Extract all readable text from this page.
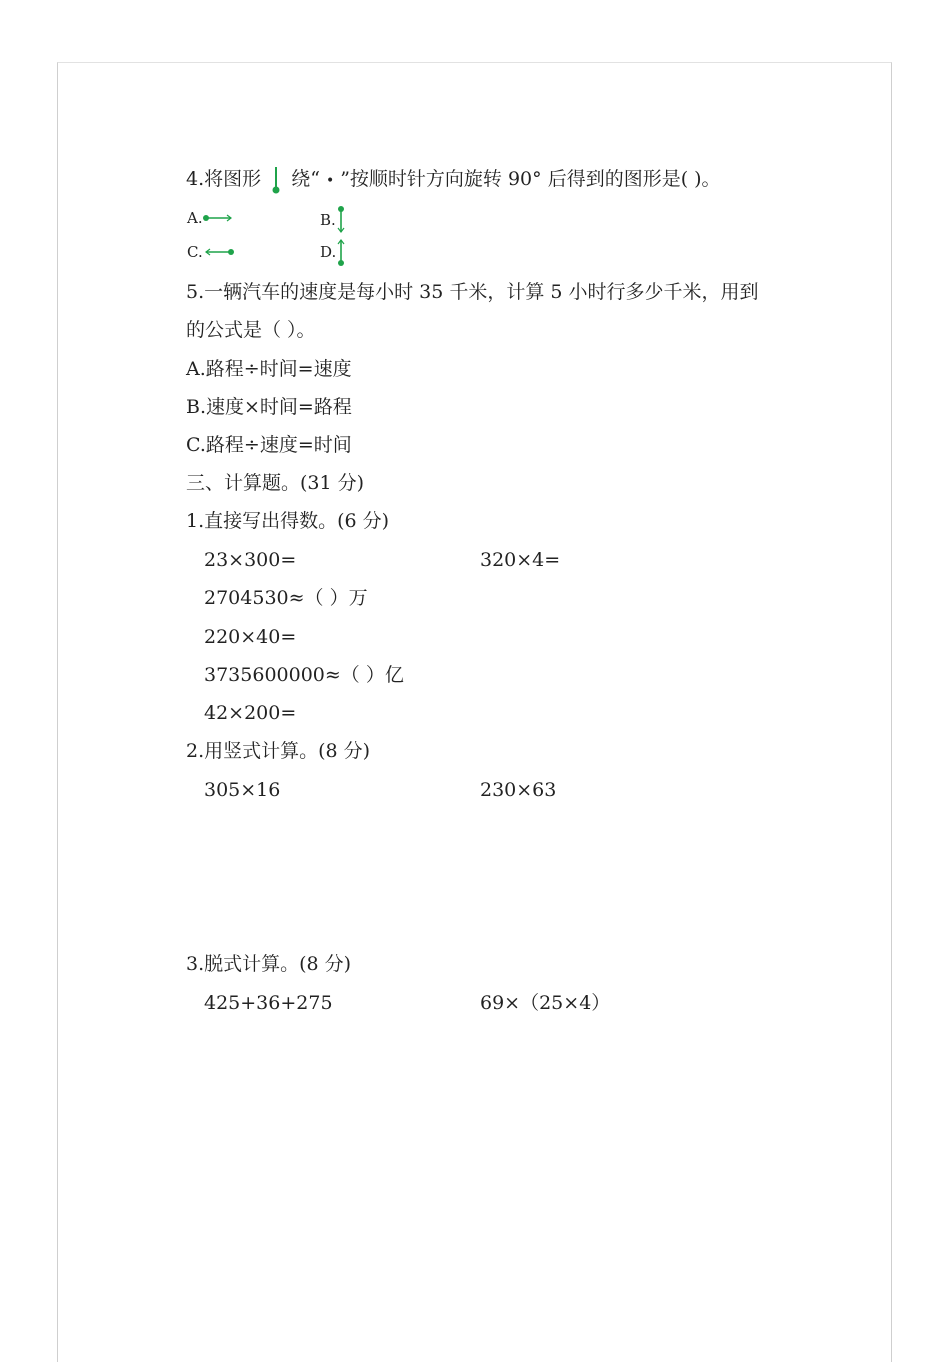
4.将图形 绕“ • ”按顺时针方向旋转 90° 后得到的图形是( )。
A.	B.
C.	D.
5.一辆汽车的速度是每小时 35 千米，计算 5 小时行多少千米，用到
的公式是（ ）。
A.路程÷时间=速度
B.速度×时间=路程
C.路程÷速度=时间
三、计算题。(31 分)
1.直接写出得数。(6 分)
23×300=	320×4=
2704530≈（ ）万
220×40=
3735600000≈（ ）亿
42×200=
2.用竖式计算。(8 分)
305×16	230×63
3.脱式计算。(8 分)
425+36+275	69×（25×4）
